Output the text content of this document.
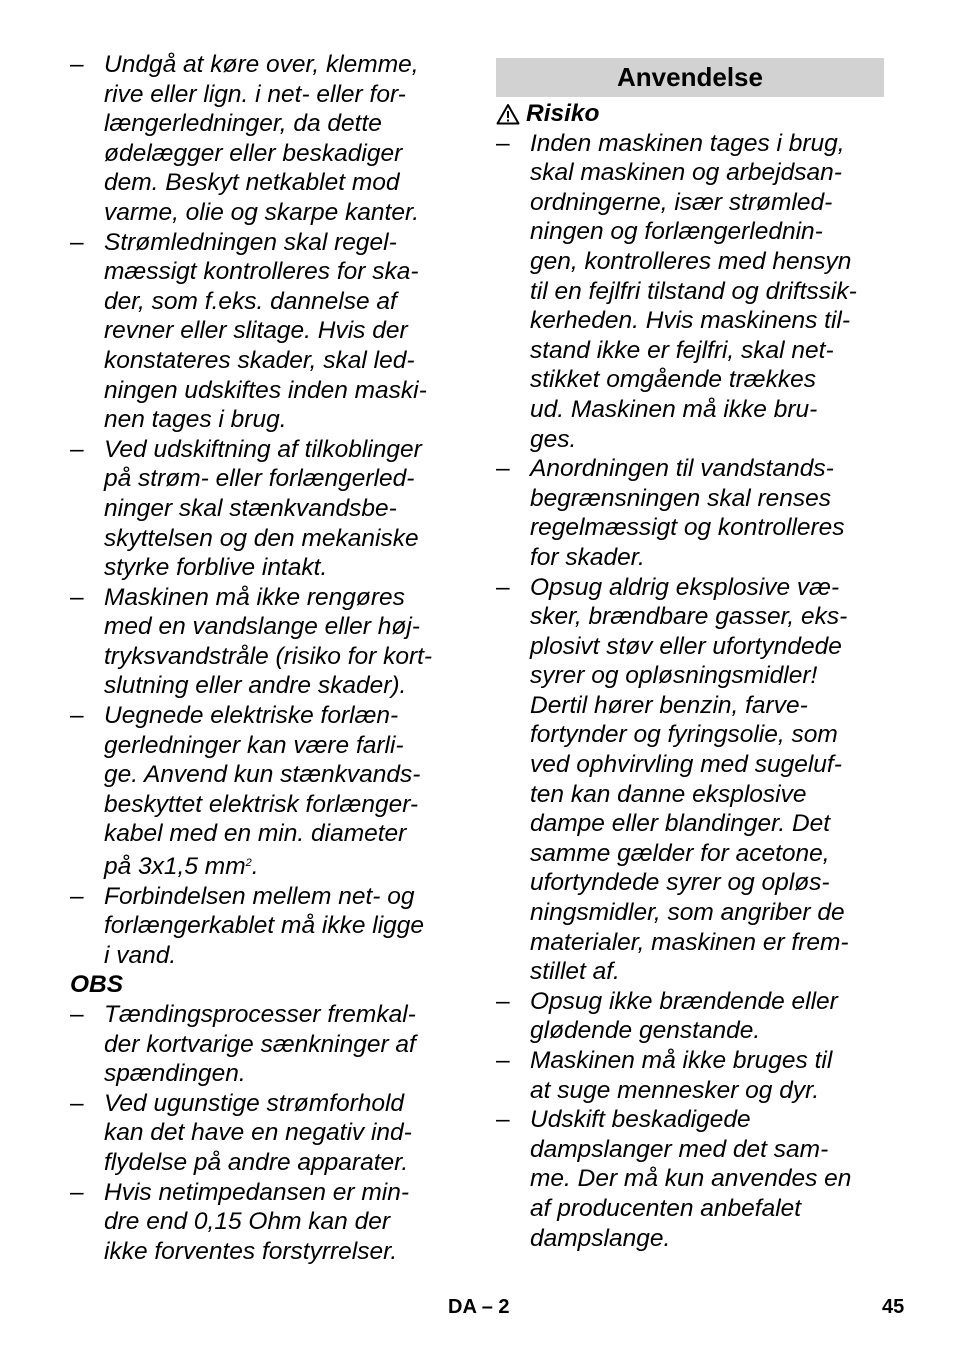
– Undgå at køre over, klemme,
rive eller lign. i net- eller for-
længerledninger, da dette
ødelægger eller beskadiger
dem. Beskyt netkablet mod
varme, olie og skarpe kanter.
– Strømledningen skal regel-
mæssigt kontrolleres for ska-
der, som f.eks. dannelse af
revner eller slitage. Hvis der
konstateres skader, skal led-
ningen udskiftes inden maski-
nen tages i brug.
– Ved udskiftning af tilkoblinger
på strøm- eller forlængerled-
ninger skal stænkvandsbe-
skyttelsen og den mekaniske
styrke forblive intakt.
– Maskinen må ikke rengøres
med en vandslange eller høj-
tryksvandstråle (risiko for kort-
slutning eller andre skader).
– Uegnede elektriske forlæn-
gerledninger kan være farli-
ge. Anvend kun stænkvands-
beskyttet elektrisk forlænger-
kabel med en min. diameter
på 3x1,5 $mm^2$.
– Forbindelsen mellem net- og
forlængerkablet må ikke ligge
i vand.
OBS
– Tændingsprocesser fremkal-
der kortvarige sænkninger af
spændingen.
– Ved ugunstige strømforhold
kan det have en negativ ind-
flydelse på andre apparater.
– Hvis netimpedansen er min-
dre end 0,15 Ohm kan der
ikke forventes forstyrrelser.
Anvendelse
Risiko
– Inden maskinen tages i brug,
skal maskinen og arbejdsan-
ordningerne, især strømled-
ningen og forlængerlednin-
gen, kontrolleres med hensyn
til en fejlfri tilstand og driftssik-
kerheden. Hvis maskinens til-
stand ikke er fejlfri, skal net-
stikket omgående trækkes
ud. Maskinen må ikke bru-
ges.
– Anordningen til vandstands-
begrænsningen skal renses
regelmæssigt og kontrolleres
for skader.
– Opsug aldrig eksplosive væ-
sker, brændbare gasser, eks-
plosivt støv eller ufortyndede
syrer og opløsningsmidler!
Dertil hører benzin, farve-
fortynder og fyringsolie, som
ved ophvirvling med sugeluf-
ten kan danne eksplosive
dampe eller blandinger. Det
samme gælder for acetone,
ufortyndede syrer og opløs-
ningsmidler, som angriber de
materialer, maskinen er frem-
stillet af.
– Opsug ikke brændende eller
glødende genstande.
– Maskinen må ikke bruges til
at suge mennesker og dyr.
– Udskift beskadigede
dampslanger med det sam-
me. Der må kun anvendes en
af producenten anbefalet
dampslange.
DA – 2	45
